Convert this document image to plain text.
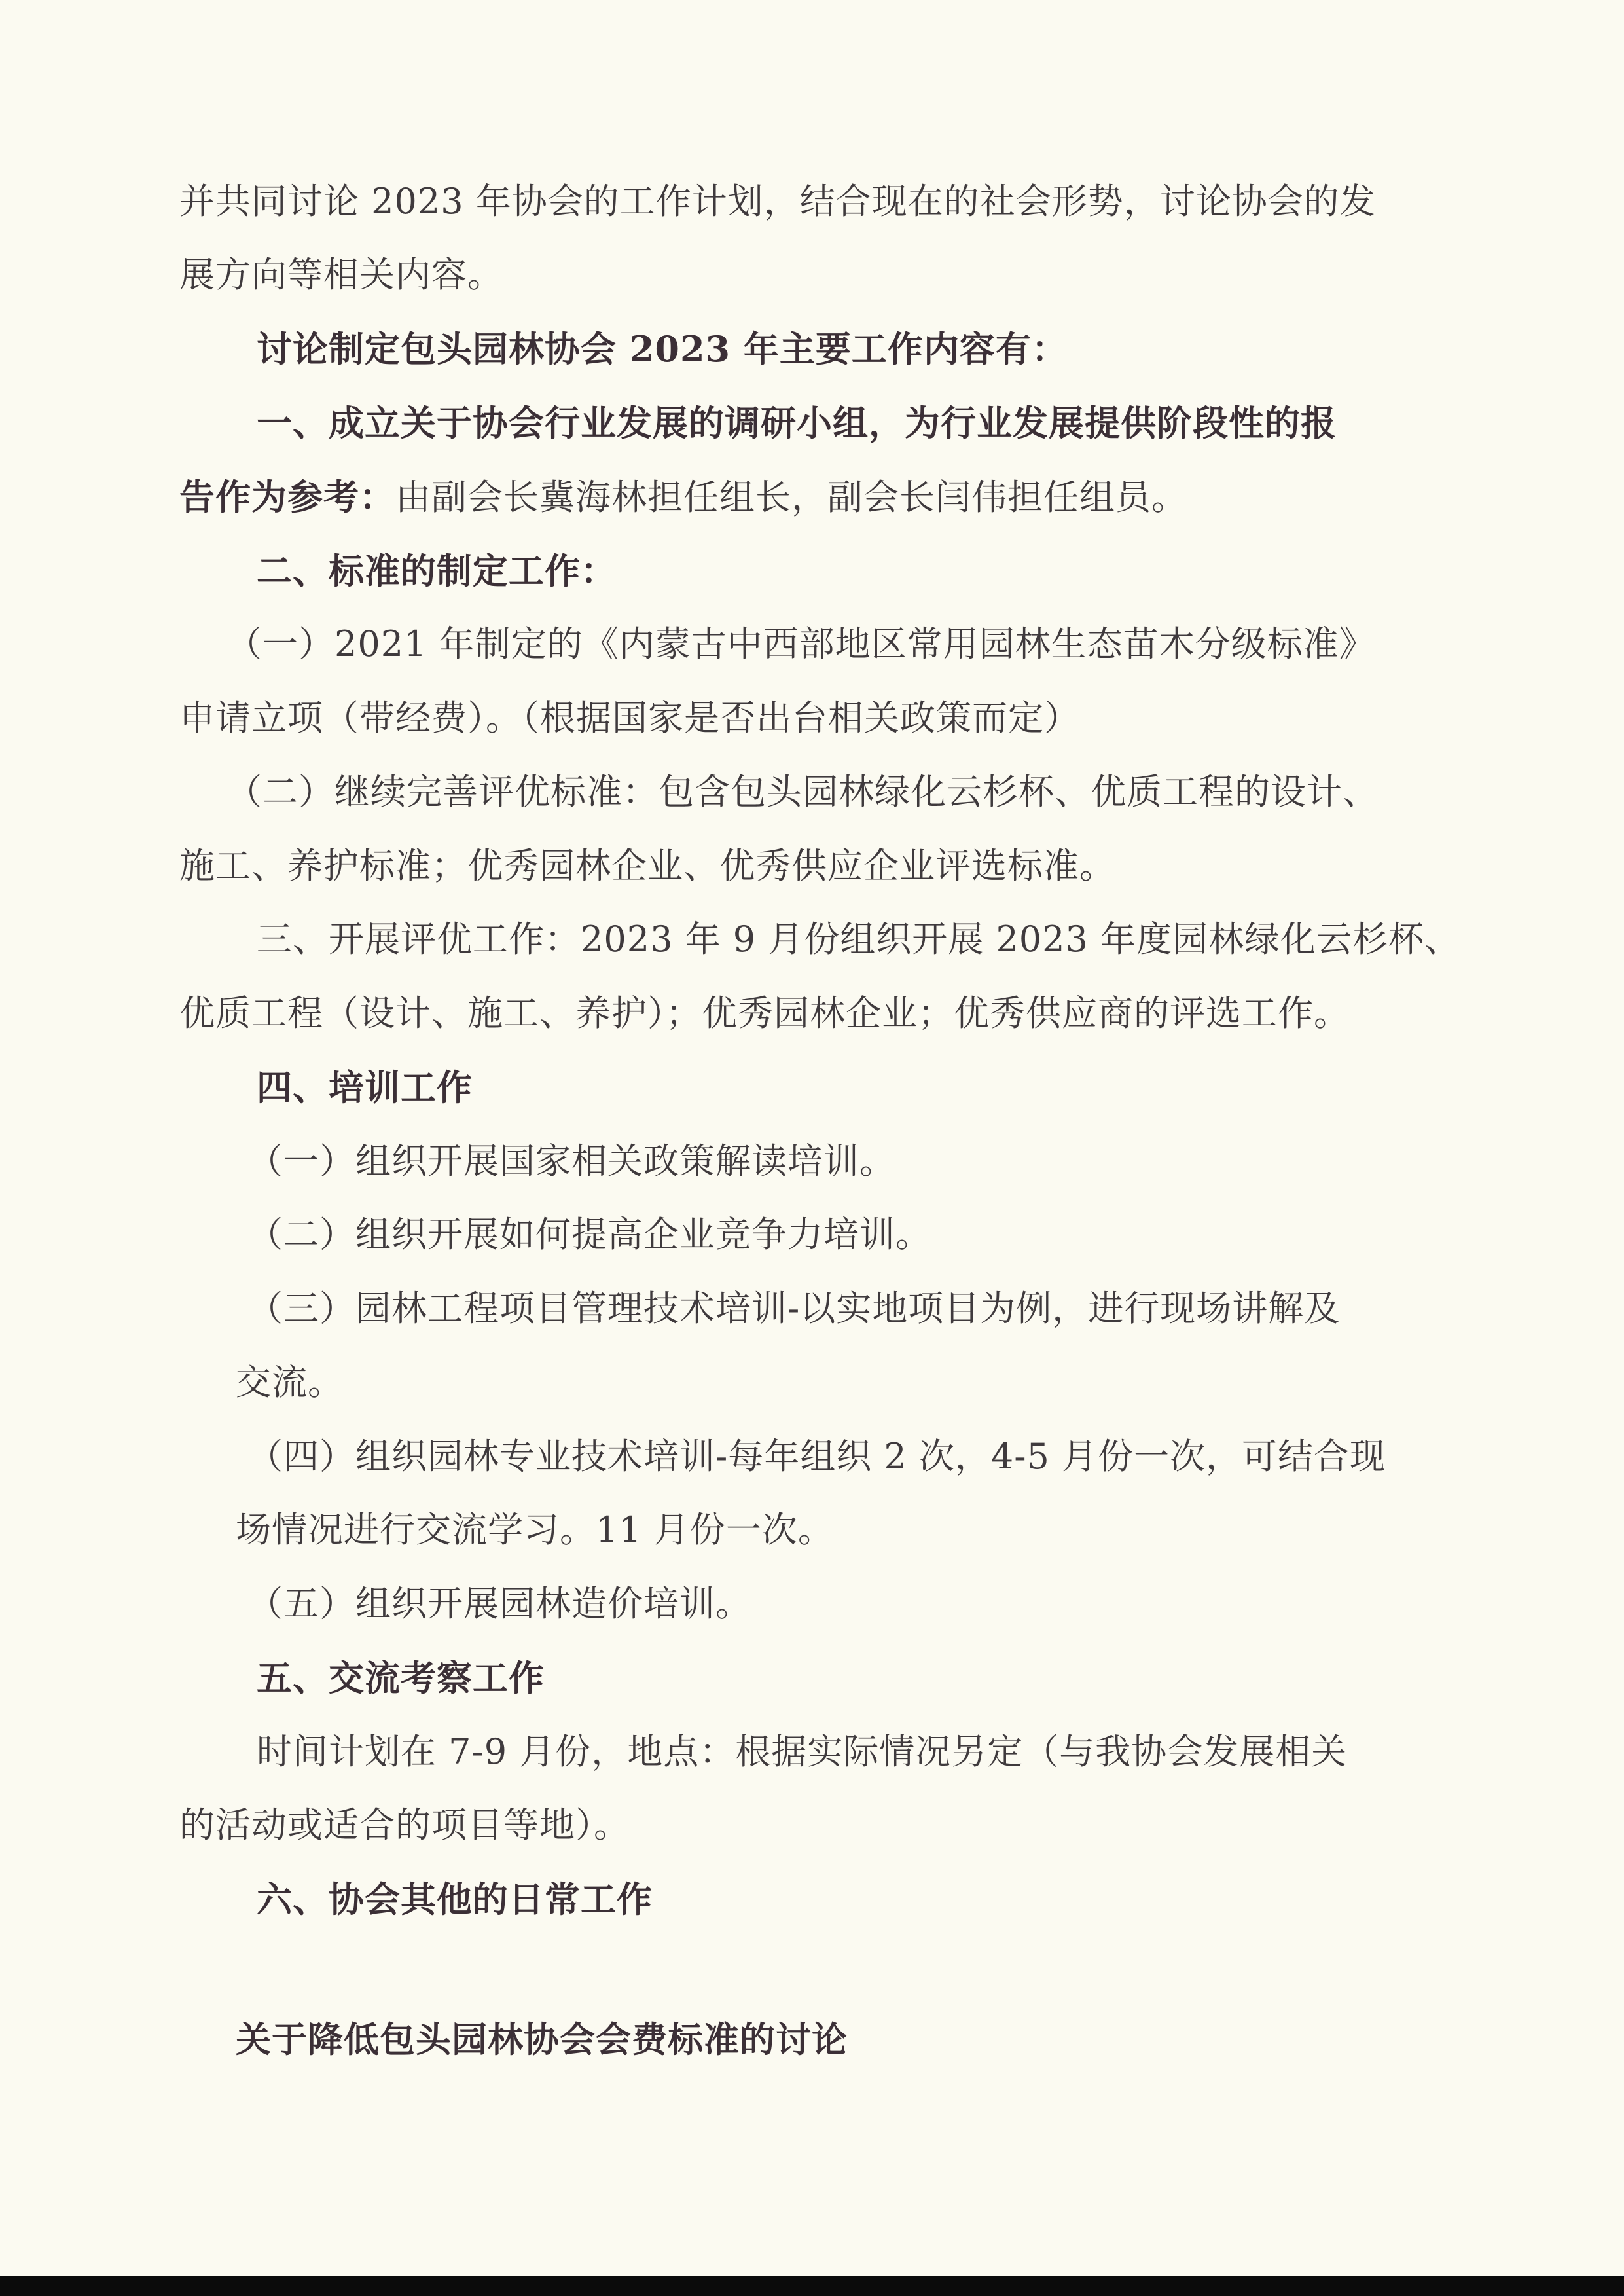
并共同讨论 2023 年协会的工作计划，结合现在的社会形势，讨论协会的发
展方向等相关内容。
讨论制定包头园林协会 2023 年主要工作内容有：
一、成立关于协会行业发展的调研小组，为行业发展提供阶段性的报
告作为参考：由副会长冀海林担任组长，副会长闫伟担任组员。
二、标准的制定工作：
（一）2021 年制定的《内蒙古中西部地区常用园林生态苗木分级标准》
申请立项（带经费）。（根据国家是否出台相关政策而定）
（二）继续完善评优标准：包含包头园林绿化云杉杯、优质工程的设计、
施工、养护标准；优秀园林企业、优秀供应企业评选标准。
三、开展评优工作：2023 年 9 月份组织开展 2023 年度园林绿化云杉杯、
优质工程（设计、施工、养护）；优秀园林企业；优秀供应商的评选工作。
四、培训工作
（一）组织开展国家相关政策解读培训。
（二）组织开展如何提高企业竞争力培训。
（三）园林工程项目管理技术培训-以实地项目为例，进行现场讲解及
交流。
（四）组织园林专业技术培训-每年组织 2 次，4-5 月份一次，可结合现
场情况进行交流学习。11 月份一次。
（五）组织开展园林造价培训。
五、交流考察工作
时间计划在 7-9 月份，地点：根据实际情况另定（与我协会发展相关
的活动或适合的项目等地）。
六、协会其他的日常工作
关于降低包头园林协会会费标准的讨论
